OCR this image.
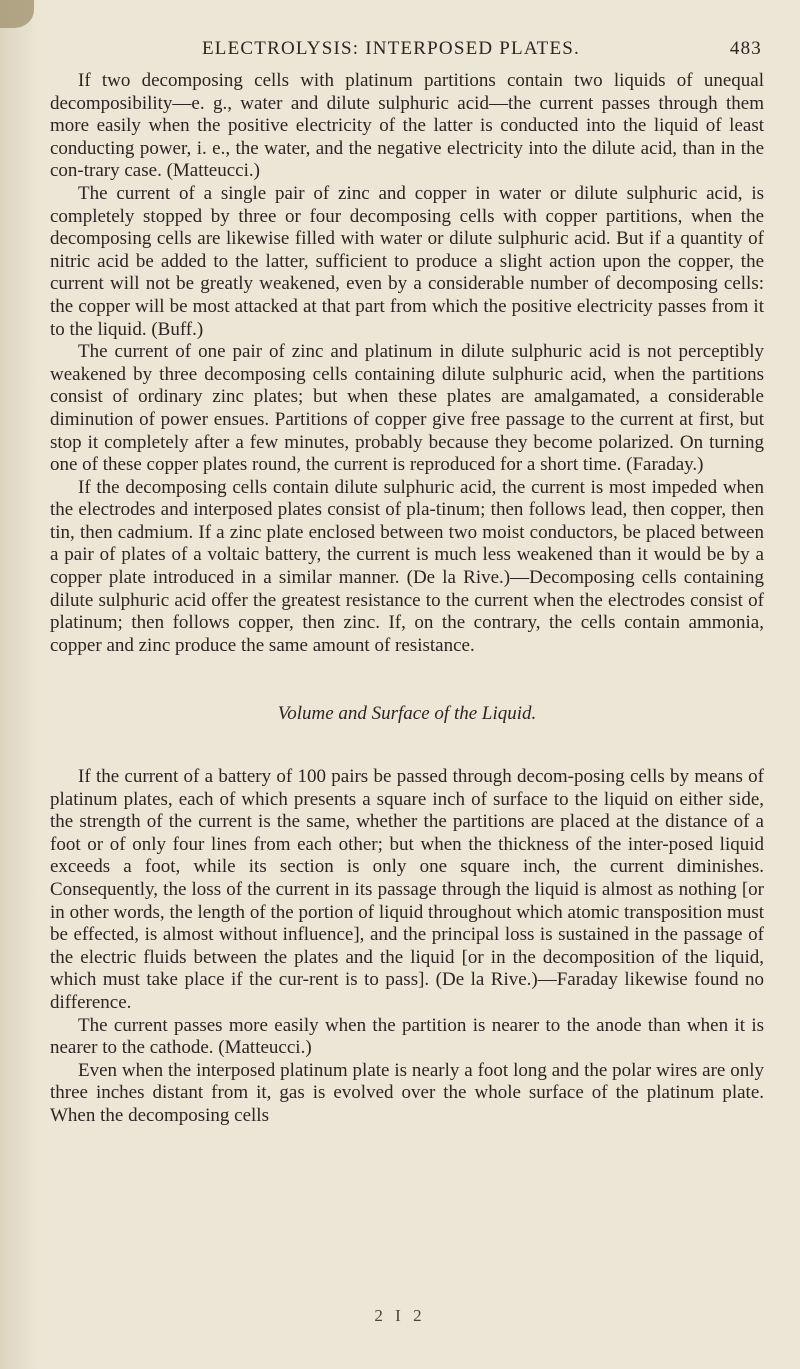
ELECTROLYSIS: INTERPOSED PLATES.	483

If two decomposing cells with platinum partitions contain two liquids of unequal decomposibility—e. g., water and dilute sulphuric acid—the current passes through them more easily when the positive electricity of the latter is conducted into the liquid of least conducting power, i. e., the water, and the negative electricity into the dilute acid, than in the con-trary case. (Matteucci.)

The current of a single pair of zinc and copper in water or dilute sulphuric acid, is completely stopped by three or four decomposing cells with copper partitions, when the decomposing cells are likewise filled with water or dilute sulphuric acid. But if a quantity of nitric acid be added to the latter, sufficient to produce a slight action upon the copper, the current will not be greatly weakened, even by a considerable number of decomposing cells: the copper will be most attacked at that part from which the positive electricity passes from it to the liquid. (Buff.)

The current of one pair of zinc and platinum in dilute sulphuric acid is not perceptibly weakened by three decomposing cells containing dilute sulphuric acid, when the partitions consist of ordinary zinc plates; but when these plates are amalgamated, a considerable diminution of power ensues. Partitions of copper give free passage to the current at first, but stop it completely after a few minutes, probably because they become polarized. On turning one of these copper plates round, the current is reproduced for a short time. (Faraday.)

If the decomposing cells contain dilute sulphuric acid, the current is most impeded when the electrodes and interposed plates consist of pla-tinum; then follows lead, then copper, then tin, then cadmium. If a zinc plate enclosed between two moist conductors, be placed between a pair of plates of a voltaic battery, the current is much less weakened than it would be by a copper plate introduced in a similar manner. (De la Rive.)—Decomposing cells containing dilute sulphuric acid offer the greatest resistance to the current when the electrodes consist of platinum; then follows copper, then zinc. If, on the contrary, the cells contain ammonia, copper and zinc produce the same amount of resistance.

Volume and Surface of the Liquid.

If the current of a battery of 100 pairs be passed through decom-posing cells by means of platinum plates, each of which presents a square inch of surface to the liquid on either side, the strength of the current is the same, whether the partitions are placed at the distance of a foot or of only four lines from each other; but when the thickness of the inter-posed liquid exceeds a foot, while its section is only one square inch, the current diminishes. Consequently, the loss of the current in its passage through the liquid is almost as nothing [or in other words, the length of the portion of liquid throughout which atomic transposition must be effected, is almost without influence], and the principal loss is sustained in the passage of the electric fluids between the plates and the liquid [or in the decomposition of the liquid, which must take place if the cur-rent is to pass]. (De la Rive.)—Faraday likewise found no difference.

The current passes more easily when the partition is nearer to the anode than when it is nearer to the cathode. (Matteucci.)

Even when the interposed platinum plate is nearly a foot long and the polar wires are only three inches distant from it, gas is evolved over the whole surface of the platinum plate. When the decomposing cells

2 I 2
